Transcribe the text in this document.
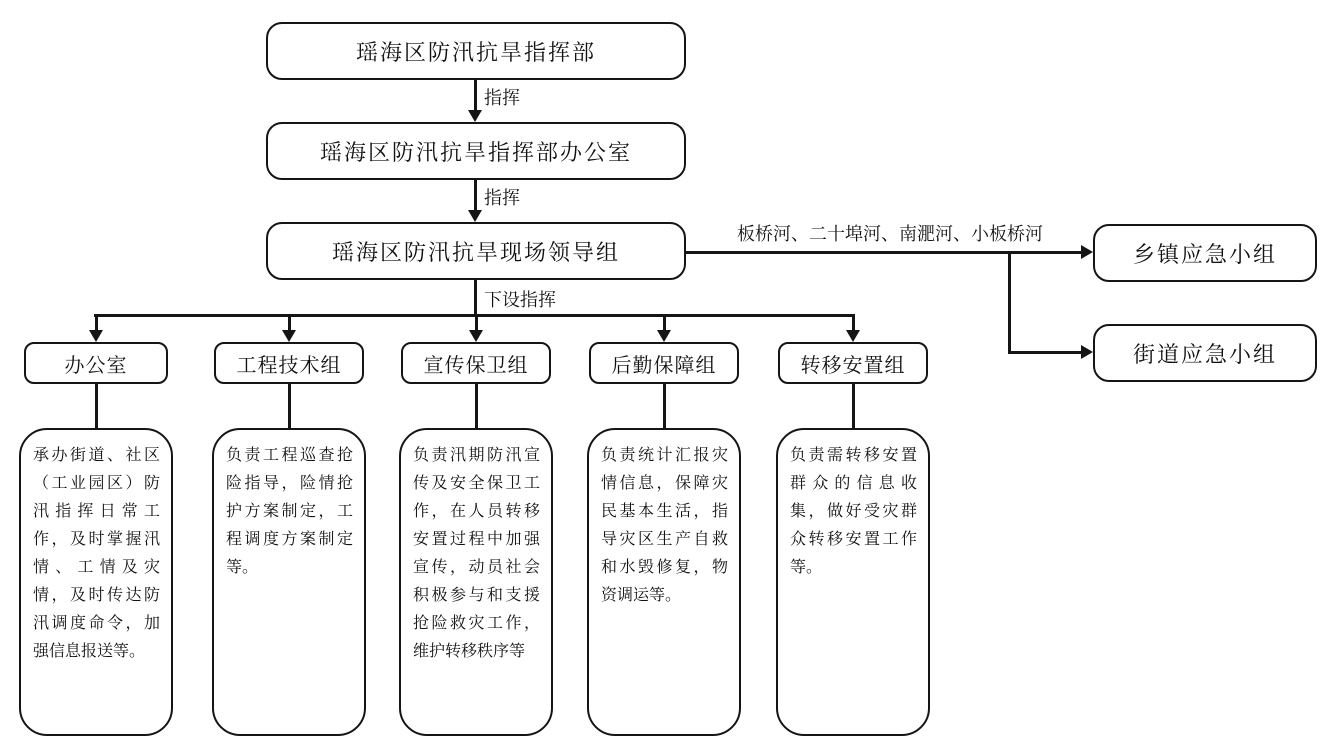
瑶海区防汛抗旱指挥部
瑶海区防汛抗旱指挥部办公室
瑶海区防汛抗旱现场领导组	乡镇应急小组
街道应急小组
指挥
指挥
板桥河、二十埠河、南淝河、小板桥河
下设指挥
办公室	工程技术组	宣传保卫组	后勤保障组	转移安置组
承办街道、社区（工业园区）防汛指挥日常工作，及时掌握汛情、工情及灾情，及时传达防汛调度命令，加强信息报送等。
负责工程巡查抢险指导，险情抢护方案制定，工程调度方案制定等。
负责汛期防汛宣传及安全保卫工作，在人员转移安置过程中加强宣传，动员社会积极参与和支援抢险救灾工作，维护转移秩序等
负责统计汇报灾情信息，保障灾民基本生活，指导灾区生产自救和水毁修复，物资调运等。
负责需转移安置群众的信息收集，做好受灾群众转移安置工作等。
